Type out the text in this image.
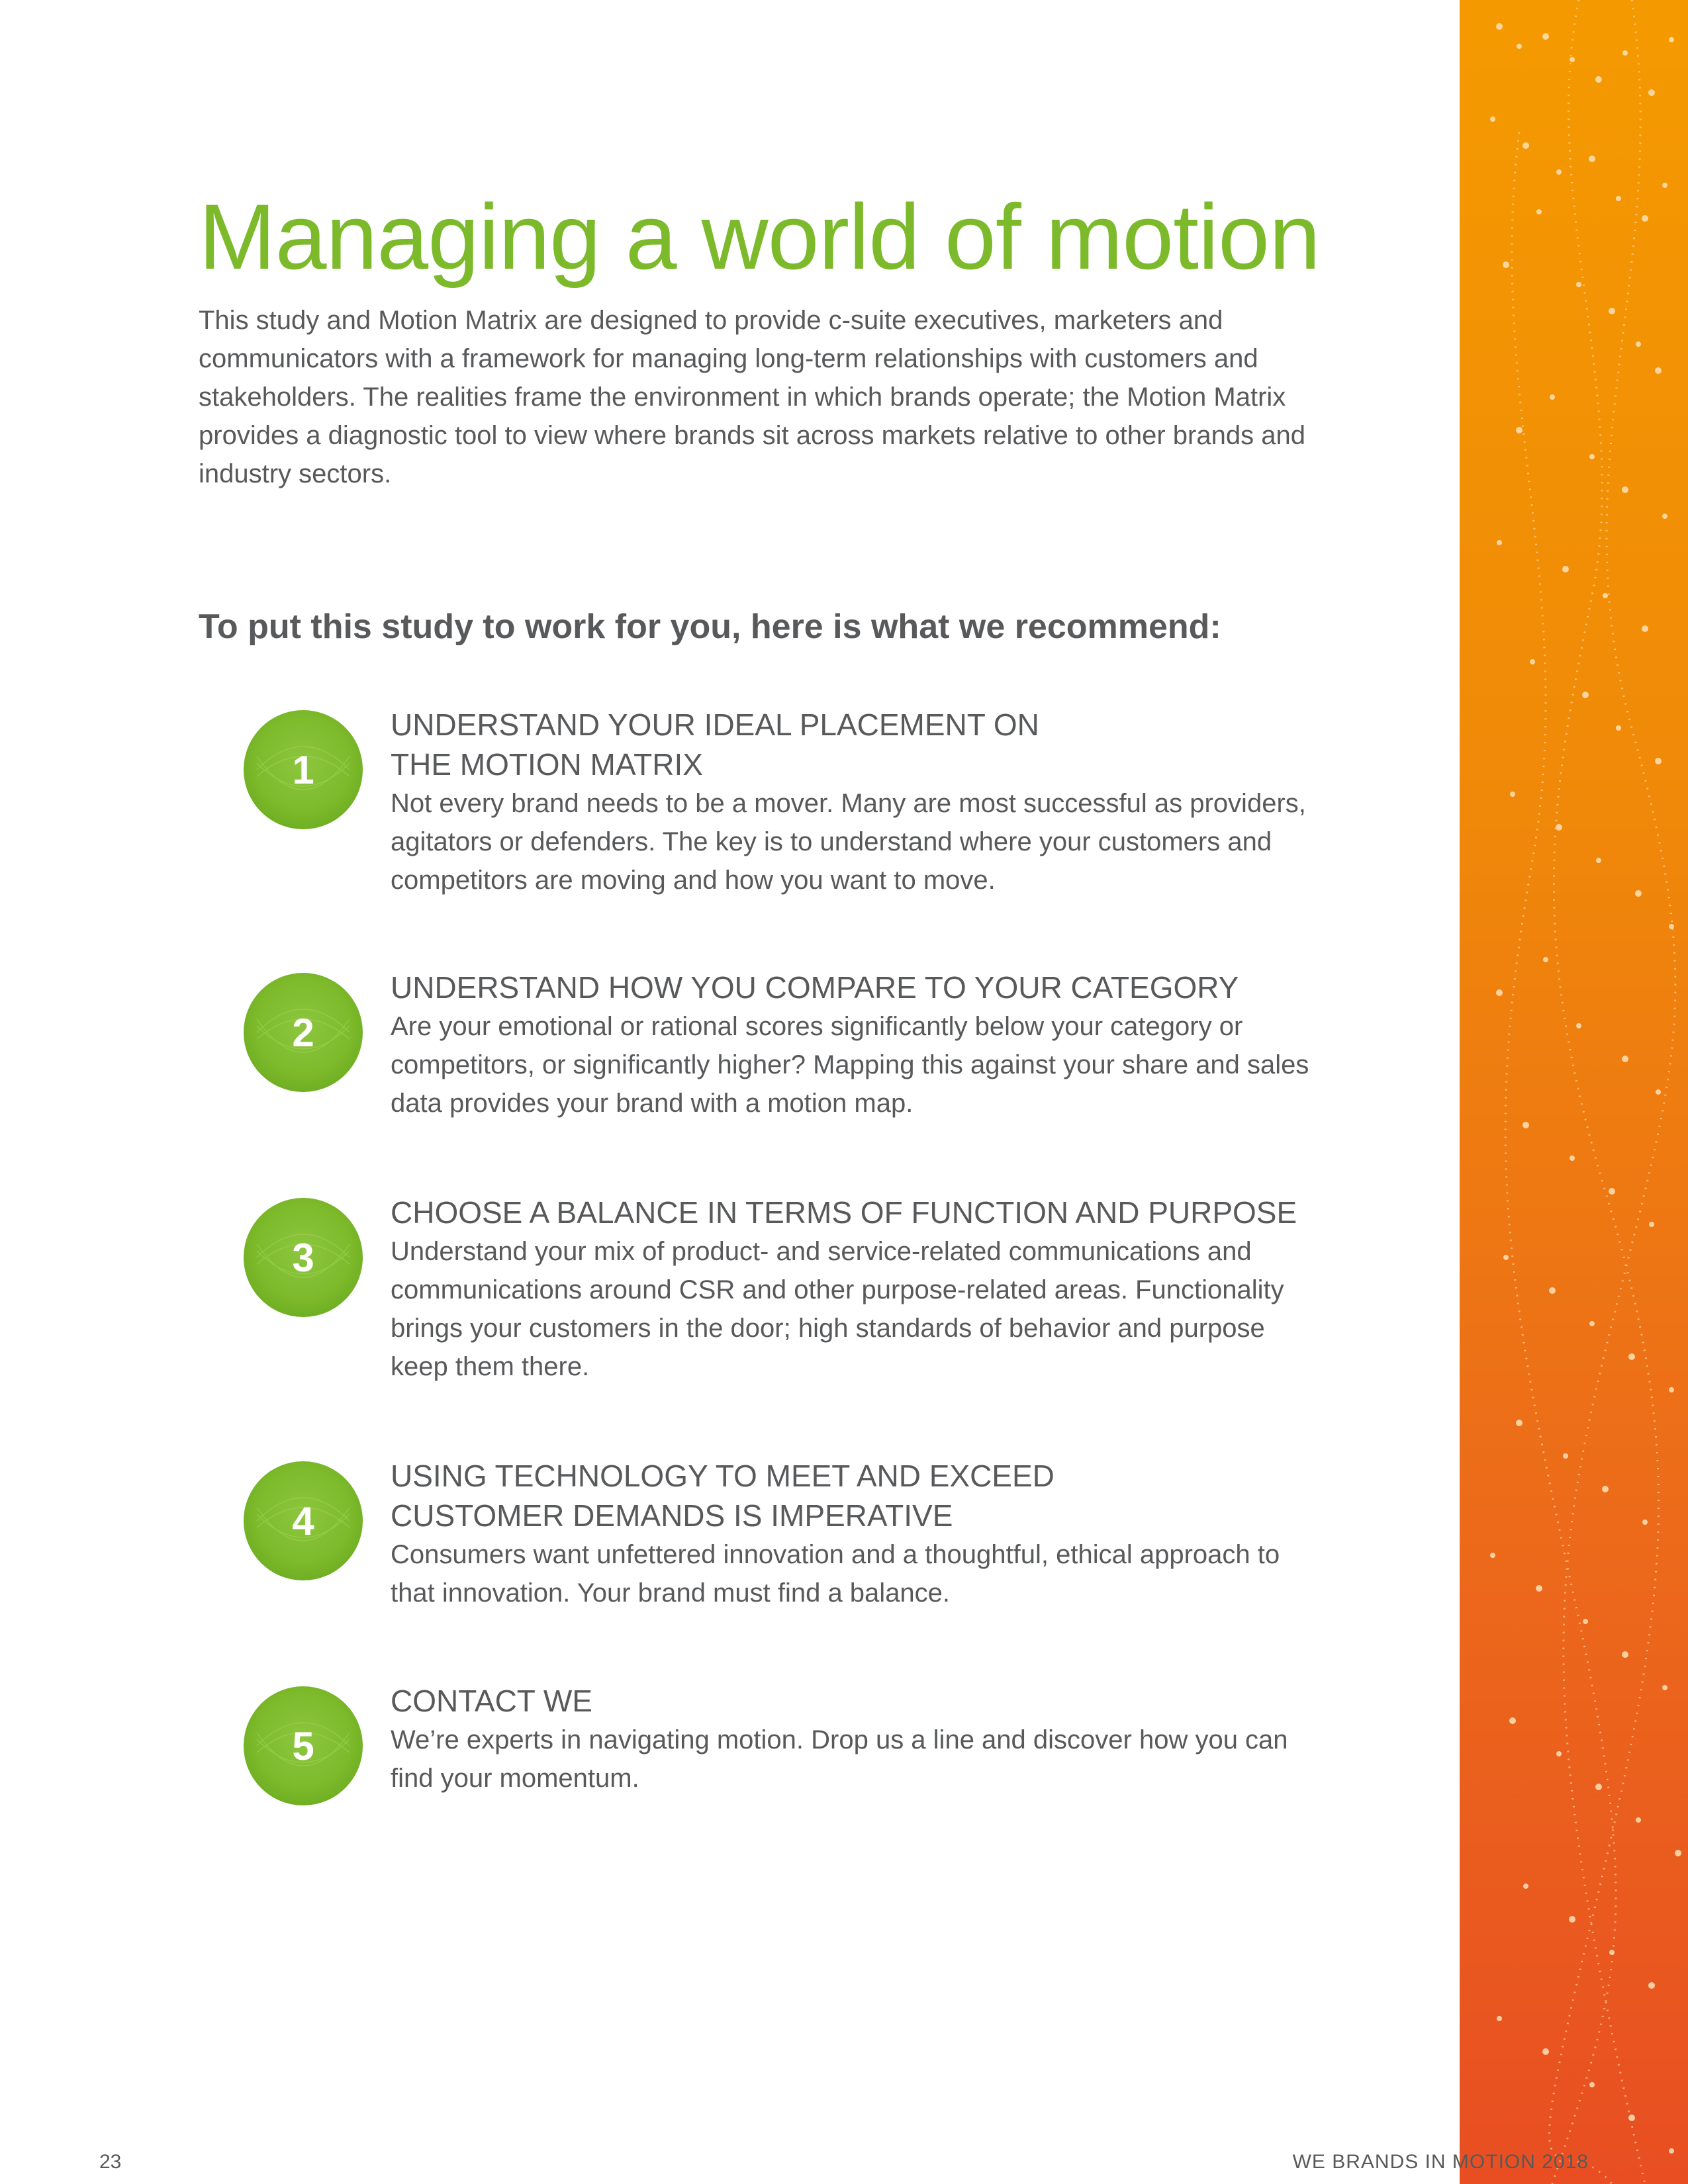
Managing a world of motion

This study and Motion Matrix are designed to provide c-suite executives, marketers and communicators with a framework for managing long-term relationships with customers and stakeholders. The realities frame the environment in which brands operate; the Motion Matrix provides a diagnostic tool to view where brands sit across markets relative to other brands and industry sectors.

To put this study to work for you, here is what we recommend:
1

UNDERSTAND YOUR IDEAL PLACEMENT ON

THE MOTION MATRIX

Not every brand needs to be a mover. Many are most successful as providers, agitators or defenders. The key is to understand where your customers and competitors are moving and how you want to move.

2

UNDERSTAND HOW YOU COMPARE TO YOUR CATEGORY

Are your emotional or rational scores significantly below your category or competitors, or significantly higher? Mapping this against your share and sales data provides your brand with a motion map.

3

CHOOSE A BALANCE IN TERMS OF FUNCTION AND PURPOSE

Understand your mix of product- and service-related communications and communications around CSR and other purpose-related areas. Functionality brings your customers in the door; high standards of behavior and purpose keep them there.

4

USING TECHNOLOGY TO MEET AND EXCEED

CUSTOMER DEMANDS IS IMPERATIVE

Consumers want unfettered innovation and a thoughtful, ethical approach to that innovation. Your brand must find a balance.

5

CONTACT WE

We’re experts in navigating motion. Drop us a line and discover how you can find your momentum.

23	WE BRANDS IN MOTION 2018
